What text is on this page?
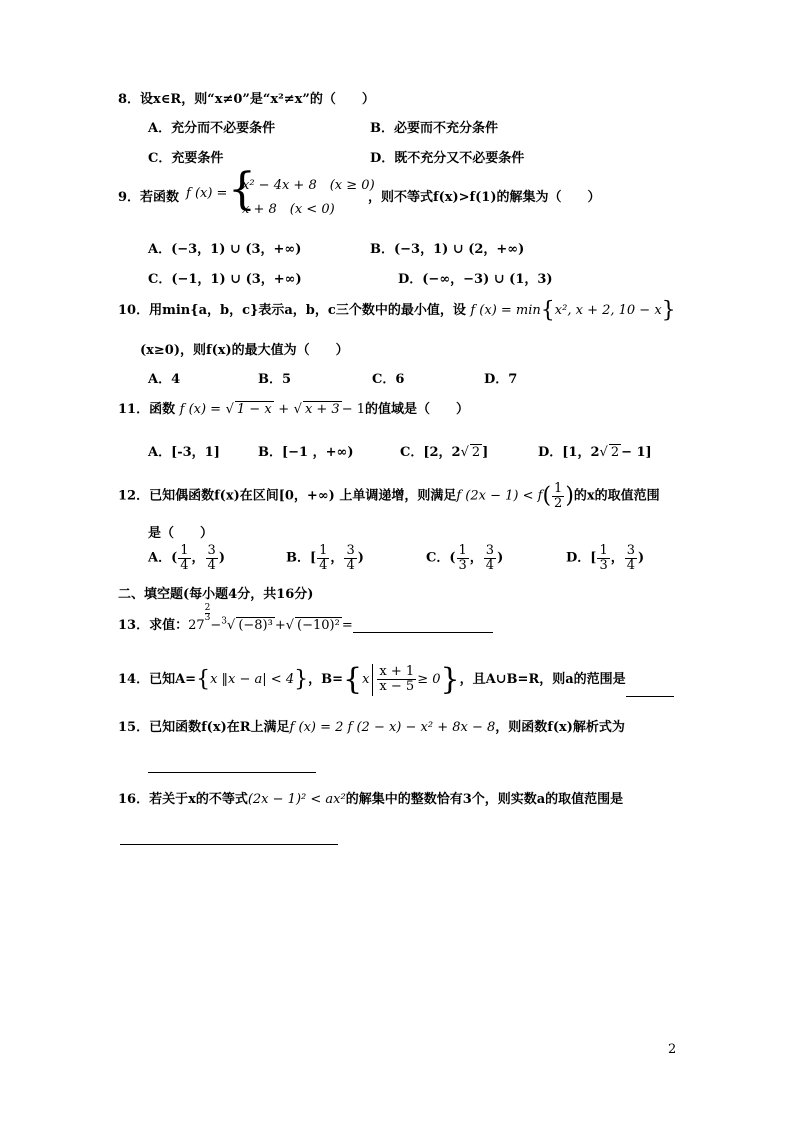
8．设x∈R，则“x≠0”是“x²≠x”的（　　）
A．充分而不必要条件	B．必要而不充分条件
C．充要条件	D．既不充分又不必要条件
9．若函数 f (x) = {
x² − 4x + 8　(x ≥ 0)
x + 8　(x < 0)
，则不等式f(x)>f(1)的解集为（　　）
A．(−3，1) ∪ (3，+∞)	B．(−3，1) ∪ (2，+∞)
C．(−1，1) ∪ (3，+∞)	D．(−∞，−3) ∪ (1，3)
10．用min{a，b，c}表示a，b，c三个数中的最小值，设 f (x) = min{x², x + 2, 10 − x}
(x≥0)，则f(x)的最大值为（　　）
A．4	B．5	C．6	D．7
11．函数 f (x) = √ 1 − x + √ x + 3 − 1的值域是（　　）
A．[-3，1]	B．[−1 ，+∞)	C．[2，2√ 2 ]	D．[1，2√ 2 − 1]
12．已知偶函数f(x)在区间[0，+∞) 上单调递增，则满足f $(2x - 1) < f( \frac{1}{2}$ )的x的取值范围
是（　　）
A．( $\frac{1}{4}$ ， $\frac{3}{4}$ )	B．[ $\frac{1}{4}$ ， $\frac{3}{4}$ )	C．( $\frac{1}{3}$ ， $\frac{3}{4}$ )	D．[ $\frac{1}{3}$ ， $\frac{3}{4}$ )
二、填空题(每小题4分，共16分)
13．求值：27
$^{\frac{2}{3}}$
−$^3$√ (−8)³ +√ (−10)² =
14．已知A={x ‖x − a| < 4}，$B=\{x \frac{x + 1}{x - 5} \ge 0\}$，且A∪B=R，则a的范围是
15．已知函数f(x)在R上满足f (x) = 2 f (2 − x) − x² + 8x − 8，则函数f(x)解析式为
16．若关于x的不等式(2x − 1)² < ax²的解集中的整数恰有3个，则实数a的取值范围是
2
